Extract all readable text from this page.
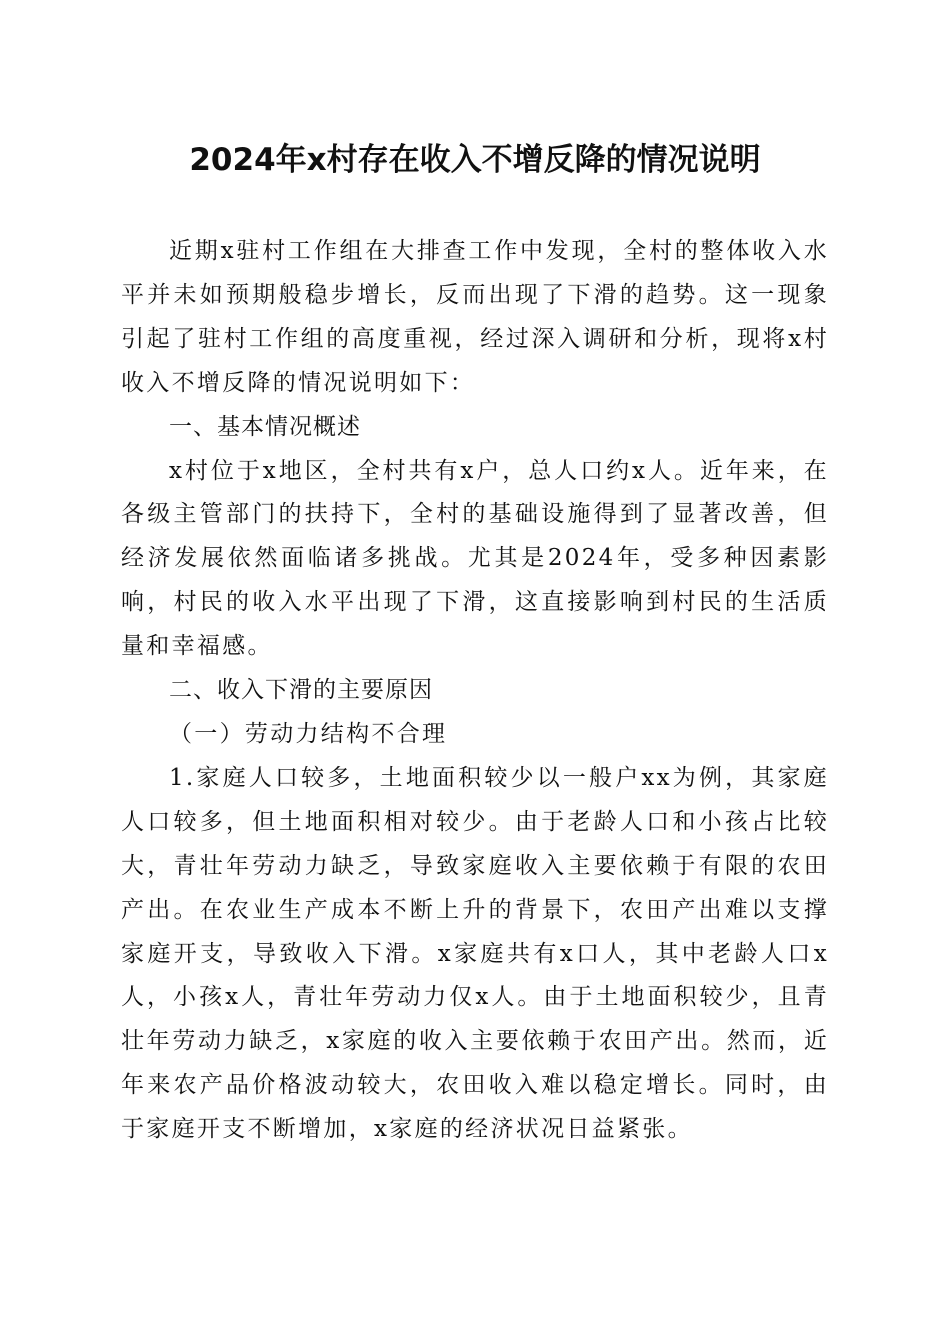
2024年x村存在收入不增反降的情况说明

近期x驻村工作组在大排查工作中发现，全村的整体收入水平并未如预期般稳步增长，反而出现了下滑的趋势。这一现象引起了驻村工作组的高度重视，经过深入调研和分析，现将x村收入不增反降的情况说明如下：

一、基本情况概述

x村位于x地区，全村共有x户，总人口约x人。近年来，在各级主管部门的扶持下，全村的基础设施得到了显著改善，但经济发展依然面临诸多挑战。尤其是2024年，受多种因素影响，村民的收入水平出现了下滑，这直接影响到村民的生活质量和幸福感。

二、收入下滑的主要原因

（一）劳动力结构不合理

1.家庭人口较多，土地面积较少以一般户xx为例，其家庭人口较多，但土地面积相对较少。由于老龄人口和小孩占比较大，青壮年劳动力缺乏，导致家庭收入主要依赖于有限的农田产出。在农业生产成本不断上升的背景下，农田产出难以支撑家庭开支，导致收入下滑。x家庭共有x口人，其中老龄人口x人，小孩x人，青壮年劳动力仅x人。由于土地面积较少，且青壮年劳动力缺乏，x家庭的收入主要依赖于农田产出。然而，近年来农产品价格波动较大，农田收入难以稳定增长。同时，由于家庭开支不断增加，x家庭的经济状况日益紧张。
